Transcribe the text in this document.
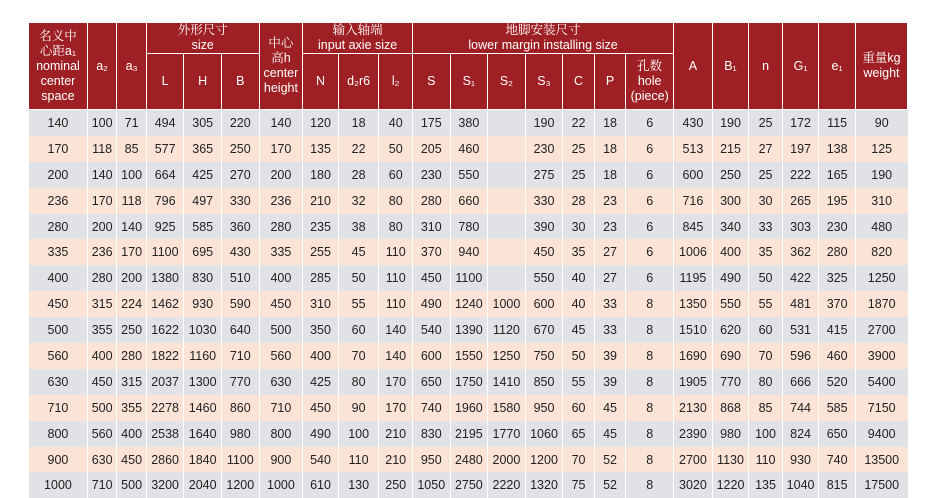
名义中
心距a₁
nominal
center
space	a₂	a₃	外形尺寸
size			中心
高h
center
height	输入轴端
input axie size			地脚安装尺寸
lower margin installing size							A	B₁	n	G₁	e₁	重量kg
weight
			L	H	B		N	d₂r6	l₂	S	S₁	S₂	S₃	C	P	孔数
hole
(piece)						
140	100	71	494	305	220	140	120	18	40	175	380		190	22	18	6	430	190	25	172	115	90
170	118	85	577	365	250	170	135	22	50	205	460		230	25	18	6	513	215	27	197	138	125
200	140	100	664	425	270	200	180	28	60	230	550		275	25	18	6	600	250	25	222	165	190
236	170	118	796	497	330	236	210	32	80	280	660		330	28	23	6	716	300	30	265	195	310
280	200	140	925	585	360	280	235	38	80	310	780		390	30	23	6	845	340	33	303	230	480
335	236	170	1100	695	430	335	255	45	110	370	940		450	35	27	6	1006	400	35	362	280	820
400	280	200	1380	830	510	400	285	50	110	450	1100		550	40	27	6	1195	490	50	422	325	1250
450	315	224	1462	930	590	450	310	55	110	490	1240	1000	600	40	33	8	1350	550	55	481	370	1870
500	355	250	1622	1030	640	500	350	60	140	540	1390	1120	670	45	33	8	1510	620	60	531	415	2700
560	400	280	1822	1160	710	560	400	70	140	600	1550	1250	750	50	39	8	1690	690	70	596	460	3900
630	450	315	2037	1300	770	630	425	80	170	650	1750	1410	850	55	39	8	1905	770	80	666	520	5400
710	500	355	2278	1460	860	710	450	90	170	740	1960	1580	950	60	45	8	2130	868	85	744	585	7150
800	560	400	2538	1640	980	800	490	100	210	830	2195	1770	1060	65	45	8	2390	980	100	824	650	9400
900	630	450	2860	1840	1100	900	540	110	210	950	2480	2000	1200	70	52	8	2700	1130	110	930	740	13500
1000	710	500	3200	2040	1200	1000	610	130	250	1050	2750	2220	1320	75	52	8	3020	1220	135	1040	815	17500
